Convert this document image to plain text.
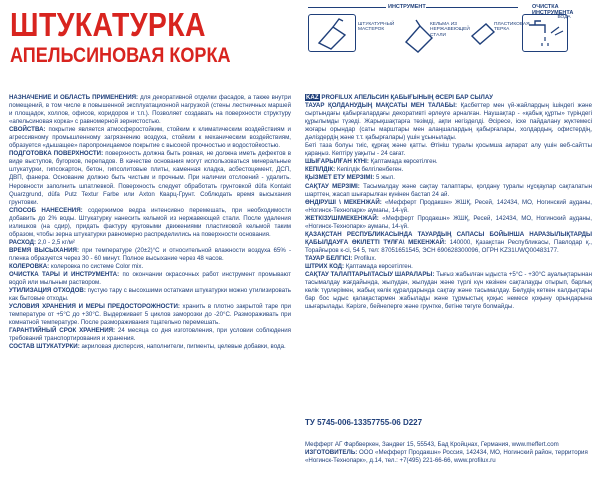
ШТУКАТУРКА
АПЕЛЬСИНОВАЯ КОРКА
ИНСТРУМЕНТ	ОЧИСТКА ИНСТРУМЕНТА
ШТУКАТУРНЫЙ МАСТЕРОК
КЕЛЬМА ИЗ НЕРЖАВЕЮЩЕЙ СТАЛИ
ПЛАСТИКОВАЯ ТЕРКА
ВОДА

НАЗНАЧЕНИЕ И ОБЛАСТЬ ПРИМЕНЕНИЯ: для декоративной отделки фасадов, а также внутри помещений, в том числе в повышенной эксплуатационной нагрузкой (стены лестничных маршей и площадок, холлов, офисов, коридоров и т.п.). Позволяет создавать на поверхности структуру «апельсиновая корка» с равномерной зернистостью.

СВОЙСТВА: покрытие является атмосферостойким, стойким к климатическим воздействиям и агрессивному промышленному загрязнению воздуха, стойким к механическим воздействиям, образуется «дышащее» паропроницаемое покрытие с высокой прочностью и водостойкостью.

ПОДГОТОВКА ПОВЕРХНОСТИ: поверхность должна быть ровная, не должна иметь дефектов в виде выступов, бугорков, перепадов. В качестве основания могут использоваться минеральные штукатурки, гипсокартон, бетон, гипсолитовые плиты, каменная кладка, асбестоцемент, ДСП, ДВП, фанера. Основание должно быть чистым и прочным. При наличии отслоений - удалить. Неровности заполнить шпатлевкой. Поверхность следует обработать грунтовкой düfa Kontakt Quarzgrund, düfa Putz Textur Farbe или Axton Кварц-Грунт. Соблюдать время высыхания грунтовки.

СПОСОБ НАНЕСЕНИЯ: содержимое ведра интенсивно перемешать, при необходимости добавить до 2% воды. Штукатурку нанесить кельмой из нержавеющей стали. После удаления излишков (на сдир), придать фактуру круговыми движениями пластиковой кельмой таким образом, чтобы зерна штукатурки равномерно распределились на поверхности основания.

РАСХОД: 2,0 - 2,5 кг/м²

ВРЕМЯ ВЫСЫХАНИЯ: при температуре (20±2)°С и относительной влажности воздуха 65% - пленка образуется через 30 - 60 минут. Полное высыхание через 48 часов.

КОЛЕРОВКА: колеровка по системе Color mix.

ОЧИСТКА ТАРЫ И ИНСТРУМЕНТА: по окончании окрасочных работ инструмент промывают водой или мыльным раствором.

УТИЛИЗАЦИЯ ОТХОДОВ: пустую тару с высохшими остатками штукатурки можно утилизировать как бытовые отходы.

УСЛОВИЯ ХРАНЕНИЯ И МЕРЫ ПРЕДОСТОРОЖНОСТИ: хранить в плотно закрытой таре при температуре от +5°С до +30°С. Выдерживает 5 циклов заморозки до -20°С. Размораживать при комнатной температуре. После размораживания тщательно перемешать.

ГАРАНТИЙНЫЙ СРОК ХРАНЕНИЯ: 24 месяца со дня изготовления, при условии соблюдения требований транспортирования и хранения.

СОСТАВ ШТУКАТУРКИ: акриловая дисперсия, наполнители, пигменты, целевые добавки, вода.

KAZ PROFILUX АПЕЛЬСИН ҚАБЫҒЫНЫҢ ӘСЕРІ БАР СЫЛАУ

ТАУАР ҚОЛДАНУДЫҢ МАҚСАТЫ МЕН ТАЛАБЫ: Қасбеттер мен үй-жайлардың ішіндегі және сыртындағы қабырғалардағы декоративті әрлеуге арналған. Наушақтар - «қабық құрты» түріндегі құрылымды түзеді. Жарықшақтарға төзімді, ақпи негізделді. Әсіресе, іске пайдалану жүктемесі жоғары орындар (саты марштары мен алаңшалардың қабырғалары, холдардың, офистердің, дәліздердің және т.т. қабырғалары) үшін ұсынылады.

Беті таза болуы тиіс, құрғақ және қатты. Өтініш туралы қосымша ақпарат алу үшін веб-сайтты қараңыз. Кептіру уақыты - 24 сағат.

ШЫҒАРЫЛҒАН КҮНІ: Қаптамада көрсетілген.

КЕПІЛДІК: Кепілдік белгіленбеген.

ҚЫЗМЕТ ЕТУ МЕРЗІМІ: 5 жыл.

САҚТАУ МЕРЗІМІ: Тасымалдау және сақтау талаптары, қолдану туралы нұсқаулар сақталатын шарттен, жасап шығарылған күнінен бастап 24 ай.

ӨНДІРУШІ \ МЕКЕНЖАЙ: «Мефферт Продакшн» ЖШҚ, Ресей, 142434, МО, Ногинский ауданы, «Ногинск-Технопарк» аумағы, 14-үй.

ЖЕТКІЗУШІ\МЕКЕНЖАЙ: «Мефферт Продакшн» ЖШҚ, Ресей, 142434, МО, Ногинский ауданы, «Ногинск-Технопарк» аумағы, 14-үй.

ҚАЗАҚСТАН РЕСПУБЛИКАСЫНДА ТАУАРДЫҢ САПАСЫ БОЙЫНША НАРАЗЫЛЫҚТАРДЫ ҚАБЫЛДАУҒА ӨКІЛЕТТІ ТҰЛҒА\ МЕКЕНЖАЙ: 140000, Қазақстан Республикасы, Павлодар қ., Торайғыров к-сі, 54 5, тел: 87051651545, ЭСН 690628300096, ОГРН KZ31UWQ00483177.

ТАУАР БЕЛГІСІ: Profilux.

ШТРИХ КОД: Қаптамада көрсетілген.

САҚТАУ ТАЛАПТАРЫ\ТАСЫУ ШАРАЛАРЫ: Тығыз жабылған ыдыста +5°С - +30°С ауалықтарынан тасымалдау жағдайында, жылудан, жылудан және түрлі күн көзінен сақталауды отырып, барлық көлік түрлерімен, жабық көлік құралдарында сақтау және тасымалдау. Бөлудің кеткен калдықтары бар бос ыдыс қалақастармен жабылады және тұрмыстық қоқыс немесе қоқыну орындарына шығарылады. Кәрізге, бейнелерге және грунтке, бетіне төгуге болмайды.

ТУ 5745-006-13357755-06 D227

Мефферт АГ Фарбверкен, Зандвег 15, 55543, Бад Кройцнах, Германия, www.meffert.com

ИЗГОТОВИТЕЛЬ: ООО «Мефферт Продакшн» Россия, 142434, МО, Ногинский район, территория «Ногинск-Технопарк», д.14, тел.: +7(495) 221-66-66, www.profilux.ru
